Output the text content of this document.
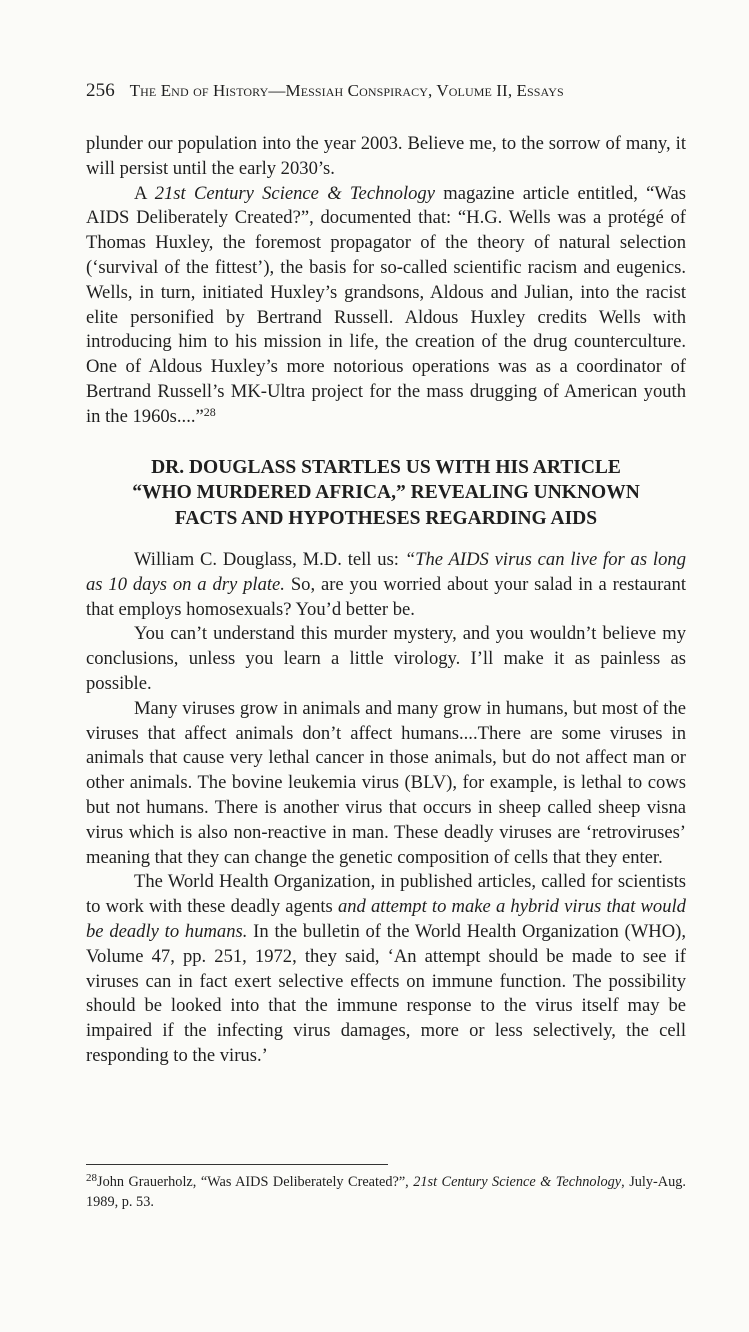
256 The End of History—Messiah Conspiracy, Volume II, Essays

plunder our population into the year 2003. Believe me, to the sorrow of many, it will persist until the early 2030’s.

A 21st Century Science & Technology magazine article entitled, “Was AIDS Deliberately Created?”, documented that: “H.G. Wells was a protégé of Thomas Huxley, the foremost propagator of the theory of natural selection (‘survival of the fittest’), the basis for so-called scientific racism and eugenics. Wells, in turn, initiated Huxley’s grandsons, Aldous and Julian, into the racist elite personified by Bertrand Russell. Aldous Huxley credits Wells with introducing him to his mission in life, the creation of the drug counterculture. One of Aldous Huxley’s more notorious operations was as a coordinator of Bertrand Russell’s MK-Ultra project for the mass drugging of American youth in the 1960s....”$^{28}$

DR. DOUGLASS STARTLES US WITH HIS ARTICLE
“WHO MURDERED AFRICA,” REVEALING UNKNOWN
FACTS AND HYPOTHESES REGARDING AIDS

William C. Douglass, M.D. tell us: “The AIDS virus can live for as long as 10 days on a dry plate. So, are you worried about your salad in a restaurant that employs homosexuals? You’d better be.

You can’t understand this murder mystery, and you wouldn’t believe my conclusions, unless you learn a little virology. I’ll make it as painless as possible.

Many viruses grow in animals and many grow in humans, but most of the viruses that affect animals don’t affect humans....There are some viruses in animals that cause very lethal cancer in those animals, but do not affect man or other animals. The bovine leukemia virus (BLV), for example, is lethal to cows but not humans. There is another virus that occurs in sheep called sheep visna virus which is also non-reactive in man. These deadly viruses are ‘retroviruses’ meaning that they can change the genetic composition of cells that they enter.

The World Health Organization, in published articles, called for scientists to work with these deadly agents and attempt to make a hybrid virus that would be deadly to humans. In the bulletin of the World Health Organization (WHO), Volume 47, pp. 251, 1972, they said, ‘An attempt should be made to see if viruses can in fact exert selective effects on immune function. The possibility should be looked into that the immune response to the virus itself may be impaired if the infecting virus damages, more or less selectively, the cell responding to the virus.’

$^{28}$John Grauerholz, “Was AIDS Deliberately Created?”, 21st Century Science & Technology, July-Aug. 1989, p. 53.
